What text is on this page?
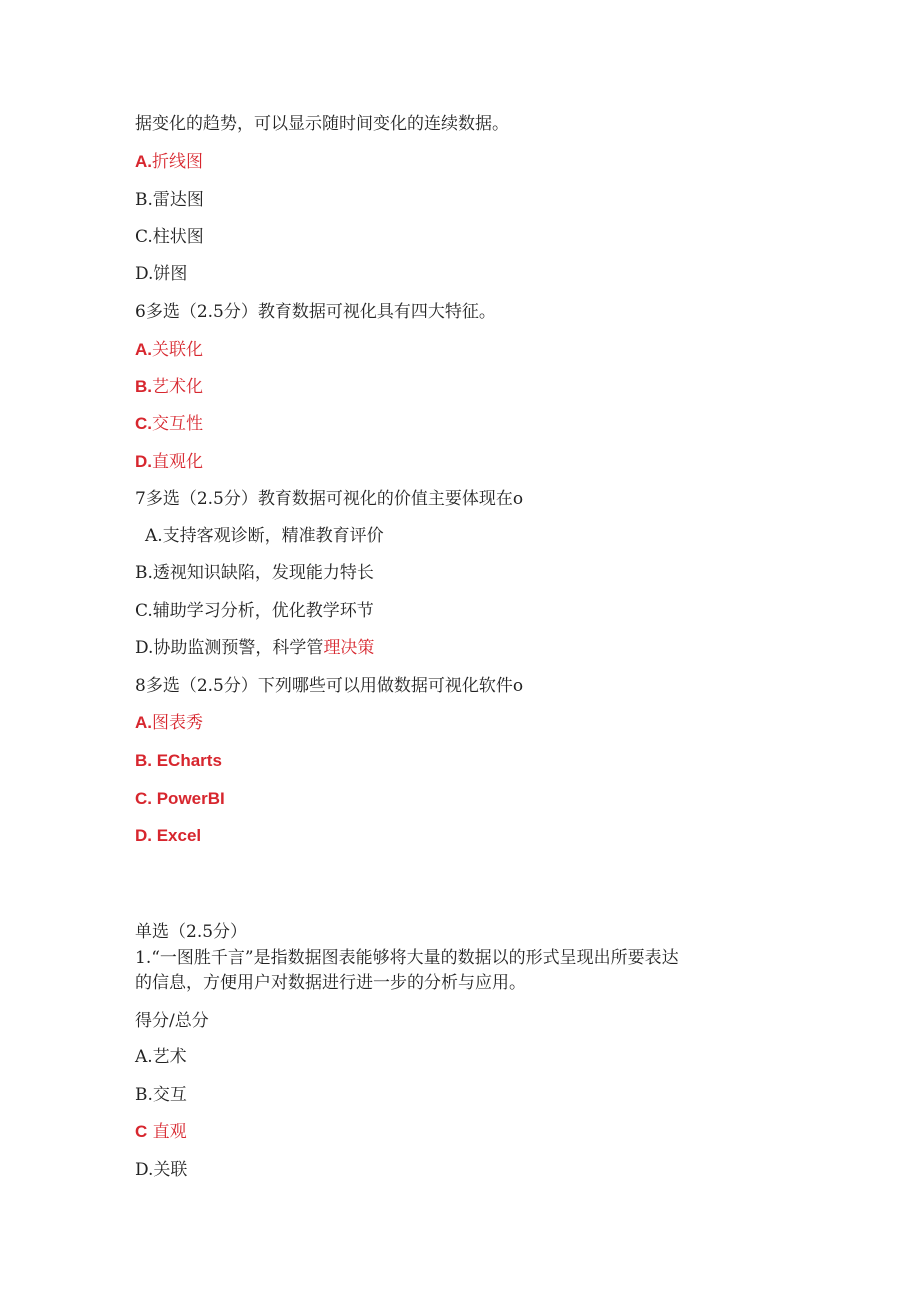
据变化的趋势，可以显示随时间变化的连续数据。
A.折线图
B.雷达图
C.柱状图
D.饼图
6多选（2.5分）教育数据可视化具有四大特征。
A.关联化
B.艺术化
C.交互性
D.直观化
7多选（2.5分）教育数据可视化的价值主要体现在o
A.支持客观诊断，精准教育评价
B.透视知识缺陷，发现能力特长
C.辅助学习分析，优化教学环节
D.协助监测预警，科学管理决策
8多选（2.5分）下列哪些可以用做数据可视化软件o
A.图表秀
B. ECharts
C. PowerBI
D. Excel
单选（2.5分）
1.“一图胜千言”是指数据图表能够将大量的数据以的形式呈现出所要表达
的信息，方便用户对数据进行进一步的分析与应用。
得分/总分
A.艺术
B.交互
C 直观
D.关联
